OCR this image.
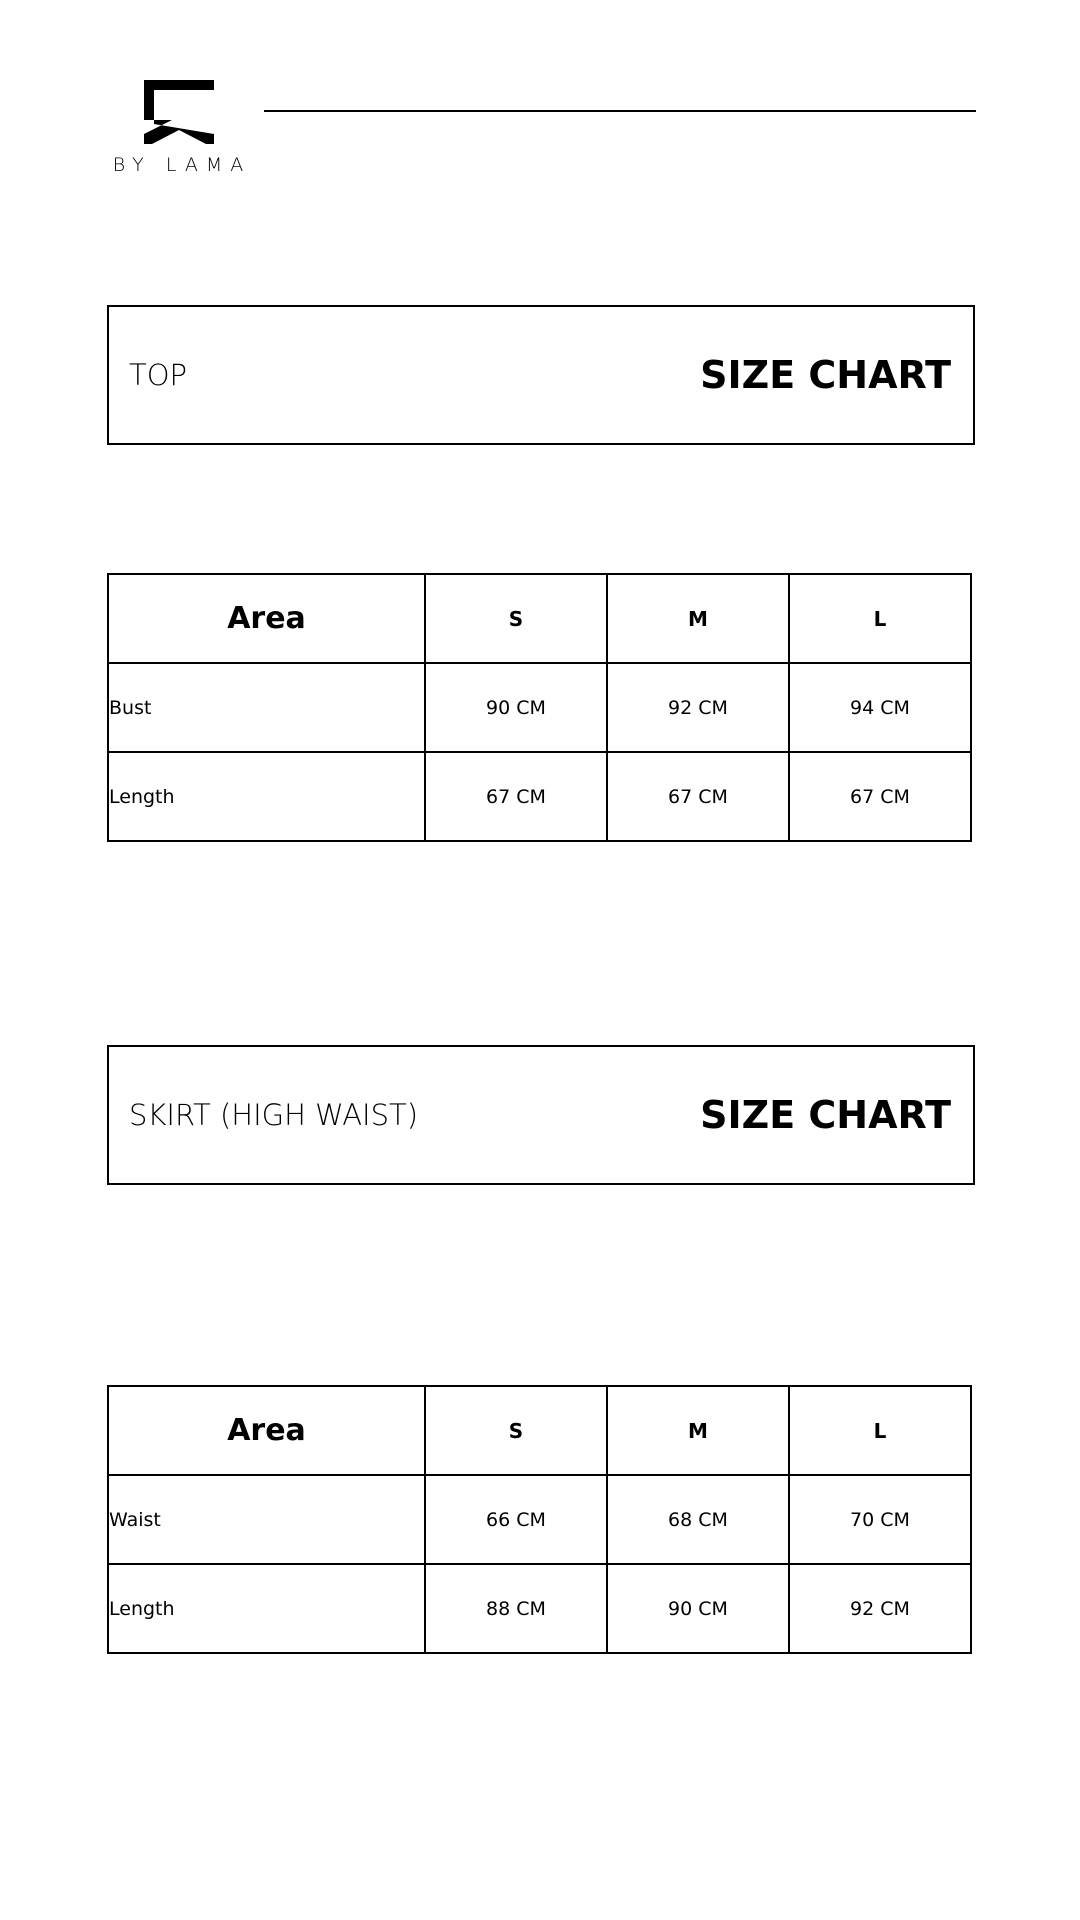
BY LAMA
TOP	SIZE CHART
Area	S	M	L
Bust	90 CM	92 CM	94 CM
Length	67 CM	67 CM	67 CM
SKIRT (HIGH WAIST)	SIZE CHART
Area	S	M	L
Waist	66 CM	68 CM	70 CM
Length	88 CM	90 CM	92 CM
